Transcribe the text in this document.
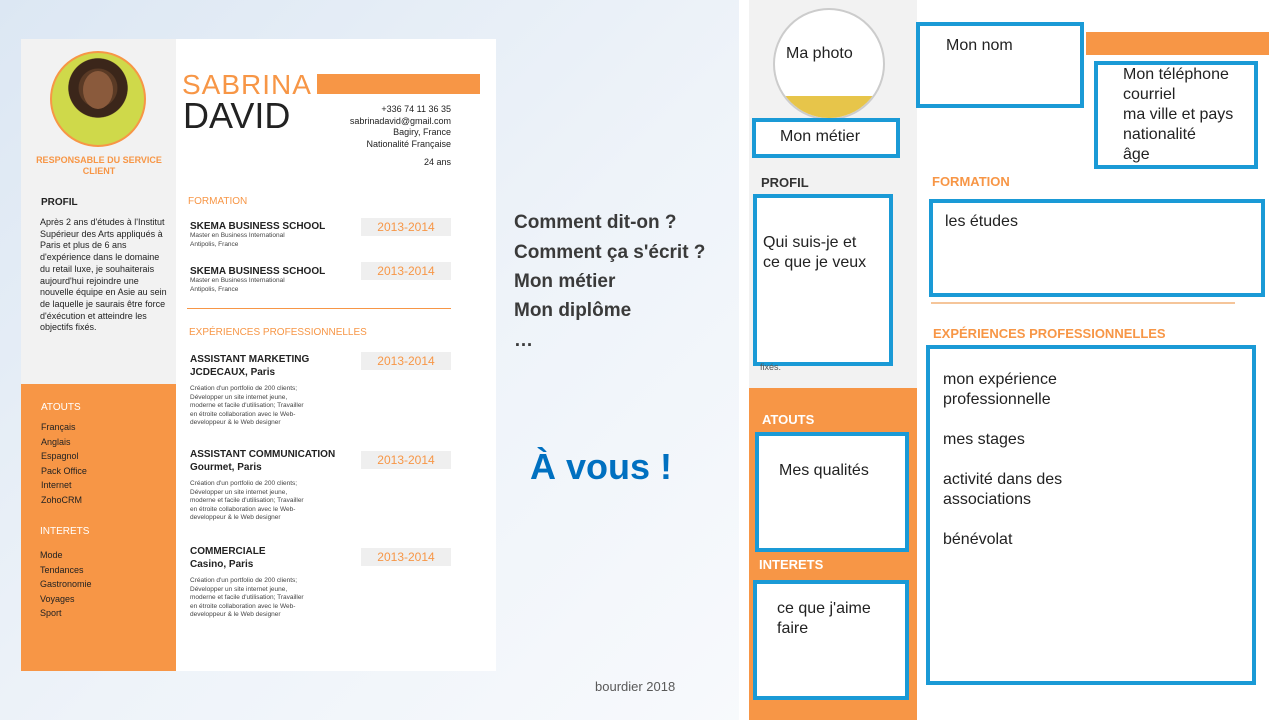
RESPONSABLE DU SERVICE CLIENT
PROFIL
Après 2 ans d'études à l'Institut Supérieur des Arts appliqués à Paris et plus de 6 ans d'expérience dans le domaine du retail luxe, je souhaiterais aujourd'hui rejoindre une nouvelle équipe en Asie au sein de laquelle je saurais être force d'éxécution et atteindre les objectifs fixés.
ATOUTS
Français
Anglais
Espagnol
Pack Office
Internet
ZohoCRM
INTERETS
Mode
Tendances
Gastronomie
Voyages
Sport
SABRINA
DAVID	+336 74 11 36 35
sabrinadavid@gmail.com
Bagiry, France
Nationalité Française
24 ans
FORMATION
SKEMA BUSINESS SCHOOL
Master en Business International
Antipolis, France
2013-2014
SKEMA BUSINESS SCHOOL
Master en Business International
Antipolis, France
2013-2014
EXPÉRIENCES PROFESSIONNELLES
ASSISTANT MARKETING
JCDECAUX, Paris
Création d'un portfolio de 200 clients;
Développer un site internet jeune,
moderne et facile d'utilisation; Travailler
en étroite collaboration avec le Web-
developpeur & le Web designer
2013-2014
ASSISTANT COMMUNICATION
Gourmet, Paris
Création d'un portfolio de 200 clients;
Développer un site internet jeune,
moderne et facile d'utilisation; Travailler
en étroite collaboration avec le Web-
developpeur & le Web designer
2013-2014
COMMERCIALE
Casino, Paris
Création d'un portfolio de 200 clients;
Développer un site internet jeune,
moderne et facile d'utilisation; Travailler
en étroite collaboration avec le Web-
developpeur & le Web designer
2013-2014
Comment dit-on ?
Comment ça s'écrit ?
Mon métier
Mon diplôme
…
À vous !
bourdier 2018
Ma photo
Mon métier
PROFIL
Qui suis-je et
ce que je veux
fixés.
ATOUTS
Mes qualités
INTERETS
ce que j'aime
faire
Mon nom
Mon téléphone
courriel
ma ville et pays
nationalité
âge
FORMATION
les études
EXPÉRIENCES PROFESSIONNELLES
mon expérience
professionnelle
mes stages
activité dans des
associations
bénévolat
